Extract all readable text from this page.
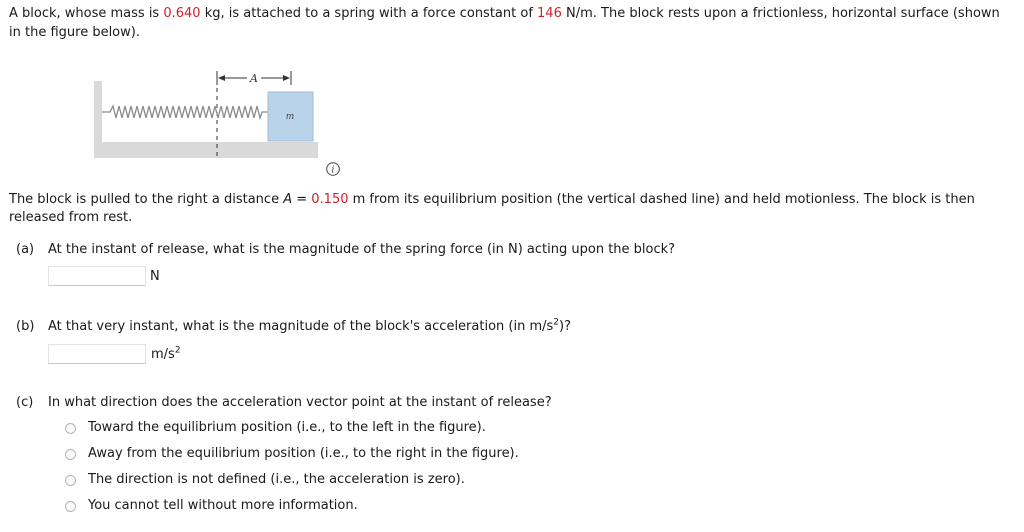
A block, whose mass is 0.640 kg, is attached to a spring with a force constant of 146 N/m. The block rests upon a frictionless, horizontal surface (shown in the figure below).
A
m
i
The block is pulled to the right a distance A = 0.150 m from its equilibrium position (the vertical dashed line) and held motionless. The block is then released from rest.
(a) At the instant of release, what is the magnitude of the spring force (in N) acting upon the block?
N
(b) At that very instant, what is the magnitude of the block's acceleration (in $m/s^2$)?
$m/s^2$
(c) In what direction does the acceleration vector point at the instant of release?
Toward the equilibrium position (i.e., to the left in the figure).
Away from the equilibrium position (i.e., to the right in the figure).
The direction is not defined (i.e., the acceleration is zero).
You cannot tell without more information.
